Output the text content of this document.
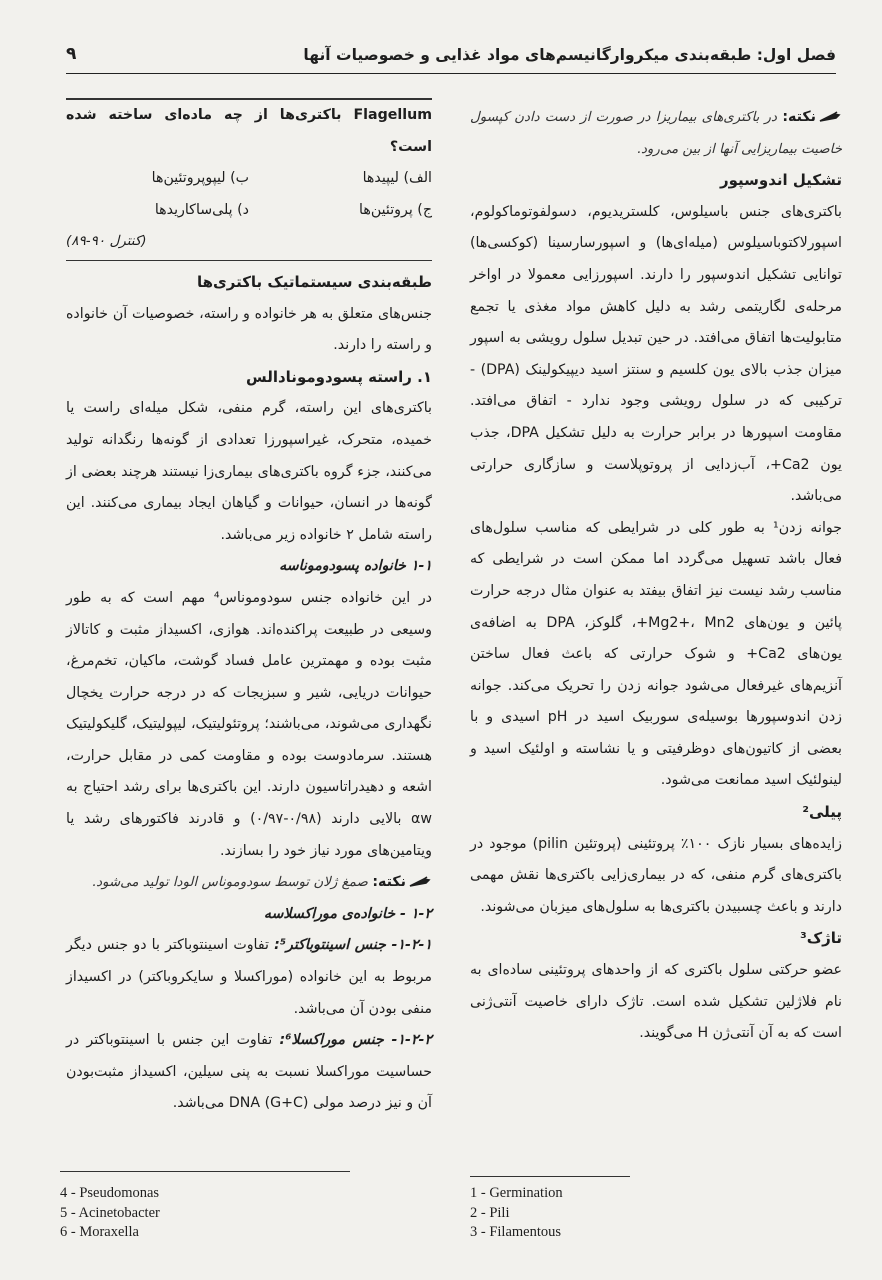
فصل اول: طبقه‌بندی میکروارگانیسم‌های مواد غذایی و خصوصیات آنها
۹

نکته: در باکتری‌های بیماریزا در صورت از دست دادن کپسول خاصیت بیماریزایی آنها از بین می‌رود.

تشکیل اندوسپور

باکتری‌های جنس باسیلوس، کلستریدیوم، دسولفوتوماکولوم، اسپورلاکتوباسیلوس (میله‌ای‌ها) و اسپورسارسینا (کوکسی‌ها) توانایی تشکیل اندوسپور را دارند. اسپورزایی معمولا در اواخر مرحله‌ی لگاریتمی رشد به دلیل کاهش مواد مغذی یا تجمع متابولیت‌ها اتفاق می‌افتد. در حین تبدیل سلول رویشی به اسپور میزان جذب بالای یون کلسیم و سنتز اسید دیپیکولینک (DPA) - ترکیبی که در سلول رویشی وجود ندارد - اتفاق می‌افتد. مقاومت اسپورها در برابر حرارت به دلیل تشکیل DPA، جذب یون Ca2+، آب‌زدایی از پروتوپلاست و سازگاری حرارتی می‌باشد.

جوانه زدن¹ به طور کلی در شرایطی که مناسب سلول‌های فعال باشد تسهیل می‌گردد اما ممکن است در شرایطی که مناسب رشد نیست نیز اتفاق بیفتد به عنوان مثال درجه حرارت پائین و یون‌های Mg2+، Mn2+، گلوکز، DPA به اضافه‌ی یون‌های Ca2+ و شوک حرارتی که باعث فعال ساختن آنزیم‌های غیرفعال می‌شود جوانه زدن را تحریک می‌کند. جوانه زدن اندوسپورها بوسیله‌ی سوربیک اسید در pH اسیدی و با بعضی از کاتیون‌های دوظرفیتی و یا نشاسته و اولئیک اسید و لینولئیک اسید ممانعت می‌شود.

پیلی²

زایده‌های بسیار نازک ۱۰۰٪ پروتئینی (پروتئین pilin) موجود در باکتری‌های گرم منفی، که در بیماری‌زایی باکتری‌ها نقش مهمی دارند و باعث چسبیدن باکتری‌ها به سلول‌های میزبان می‌شوند.

تاژک³

عضو حرکتی سلول باکتری که از واحدهای پروتئینی ساده‌ای به نام فلاژلین تشکیل شده است. تاژک دارای خاصیت آنتی‌ژنی است که به آن آنتی‌ژن H می‌گویند.

Flagellum باکتری‌ها از چه ماده‌ای ساخته شده است؟

الف) لیپیدها
ب) لیپوپروتئین‌ها
ج) پروتئین‌ها
د) پلی‌ساکاریدها

(کنترل ۹۰-۸۹)

طبقه‌بندی سیستماتیک باکتری‌ها

جنس‌های متعلق به هر خانواده و راسته، خصوصیات آن خانواده و راسته را دارند.

۱. راسته پسودومونادالس

باکتری‌های این راسته، گرم منفی، شکل میله‌ای راست یا خمیده، متحرک، غیراسپورزا تعدادی از گونه‌ها رنگدانه تولید می‌کنند، جزء گروه باکتری‌های بیماری‌زا نیستند هرچند بعضی از گونه‌ها در انسان، حیوانات و گیاهان ایجاد بیماری می‌کنند. این راسته شامل ۲ خانواده زیر می‌باشد.

۱-۱ خانواده پسودوموناسه

در این خانواده جنس سودوموناس⁴ مهم است که به طور وسیعی در طبیعت پراکنده‌اند. هوازی، اکسیداز مثبت و کاتالاز مثبت بوده و مهمترین عامل فساد گوشت، ماکیان، تخم‌مرغ، حیوانات دریایی، شیر و سبزیجات که در درجه حرارت یخچال نگهداری می‌شوند، می‌باشند؛ پروتئولیتیک، لیپولیتیک، گلیکولیتیک هستند. سرمادوست بوده و مقاومت کمی در مقابل حرارت، اشعه و دهیدراتاسیون دارند. این باکتری‌ها برای رشد احتیاج به αw بالایی دارند (۰/۹۸-۰/۹۷) و قادرند فاکتورهای رشد یا ویتامین‌های مورد نیاز خود را بسازند.

نکته: صمغ ژلان توسط سودوموناس الودا تولید می‌شود.

۱-۲ - خانواده‌ی موراکسلاسه

۱-۲-۱- جنس اسینتوباکتر⁵: تفاوت اسینتوباکتر با دو جنس دیگر مربوط به این خانواده (موراکسلا و سایکروباکتر) در اکسیداز منفی بودن آن می‌باشد.

۱-۲-۲- جنس موراکسلا⁶: تفاوت این جنس با اسینتوباکتر در حساسیت موراکسلا نسبت به پنی سیلین، اکسیداز مثبت‌بودن آن و نیز درصد مولی DNA (G+C) می‌باشد.

4 - Pseudomonas
5 - Acinetobacter
6 - Moraxella
1 - Germination
2 - Pili
3 - Filamentous
